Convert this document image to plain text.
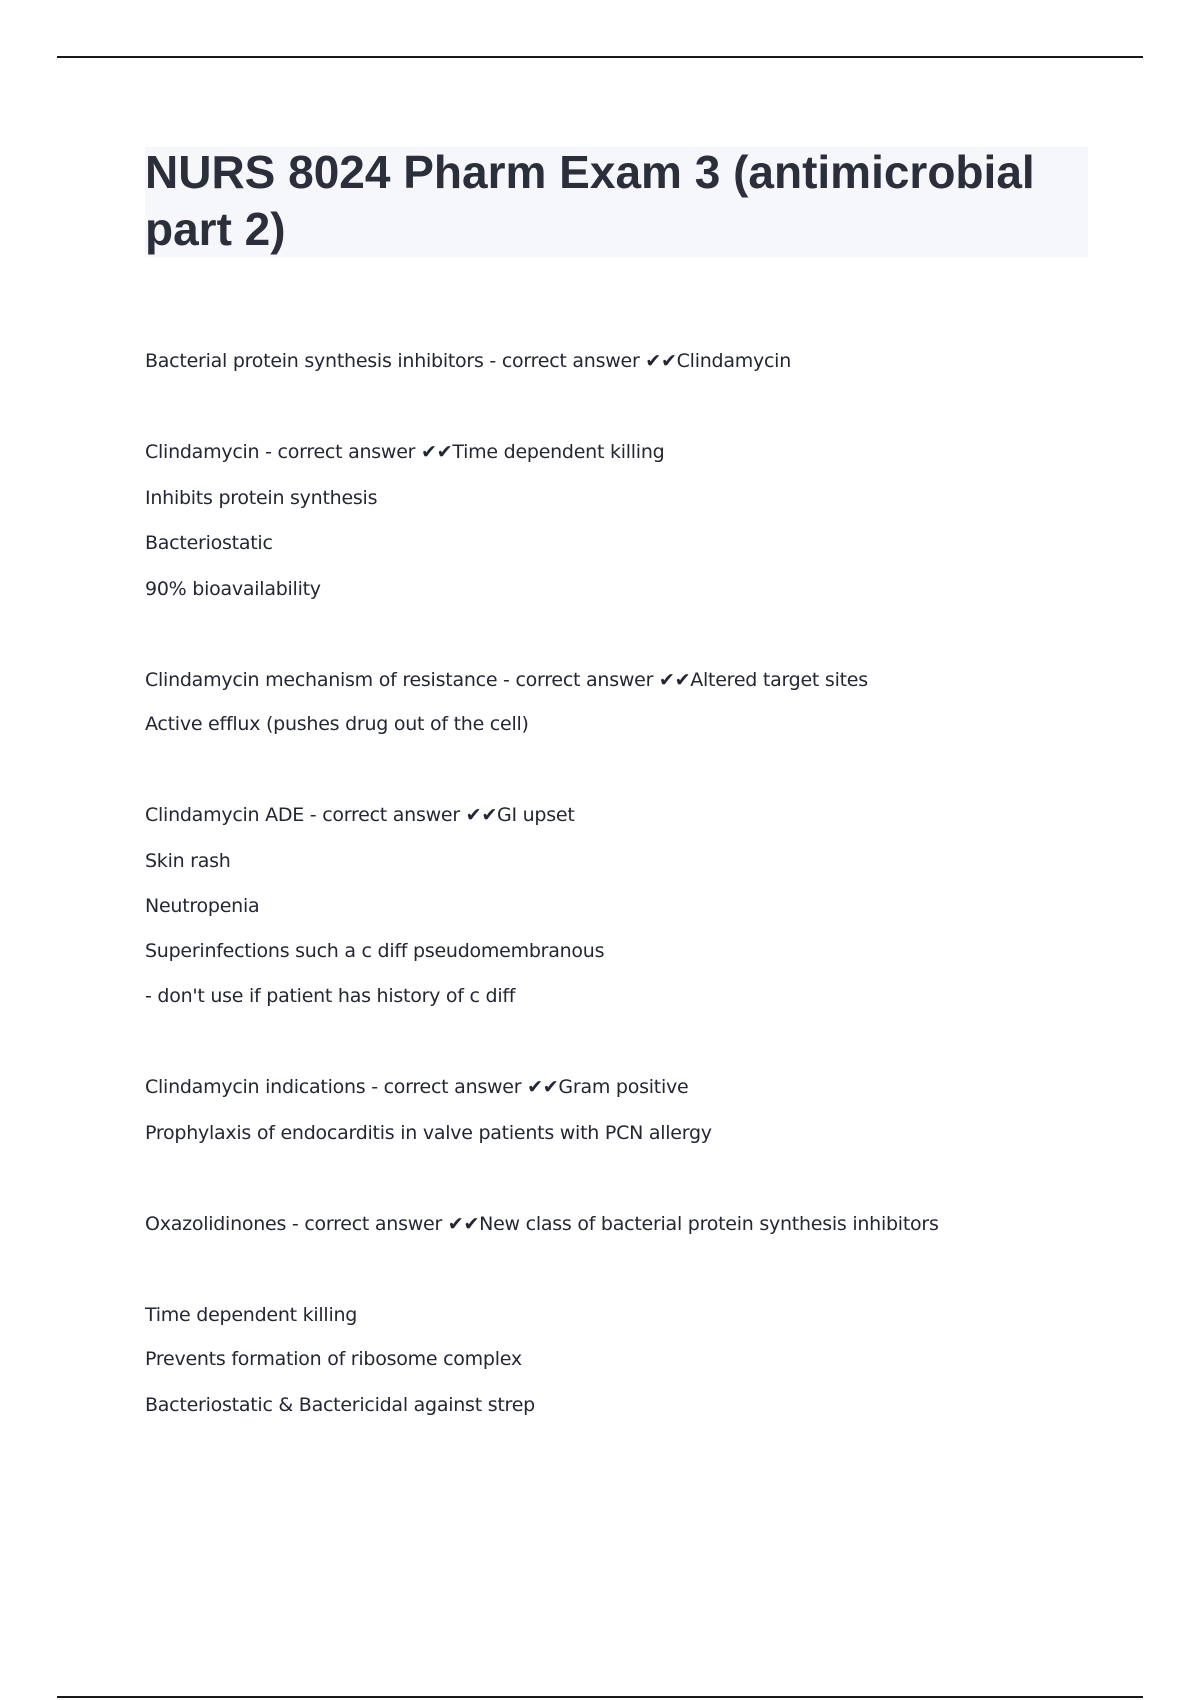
NURS 8024 Pharm Exam 3 (antimicrobial part 2)
Bacterial protein synthesis inhibitors - correct answer ✔✔Clindamycin
Clindamycin - correct answer ✔✔Time dependent killing
Inhibits protein synthesis
Bacteriostatic
90% bioavailability
Clindamycin mechanism of resistance - correct answer ✔✔Altered target sites
Active efflux (pushes drug out of the cell)
Clindamycin ADE - correct answer ✔✔GI upset
Skin rash
Neutropenia
Superinfections such a c diff pseudomembranous
- don't use if patient has history of c diff
Clindamycin indications - correct answer ✔✔Gram positive
Prophylaxis of endocarditis in valve patients with PCN allergy
Oxazolidinones - correct answer ✔✔New class of bacterial protein synthesis inhibitors
Time dependent killing
Prevents formation of ribosome complex
Bacteriostatic & Bactericidal against strep
